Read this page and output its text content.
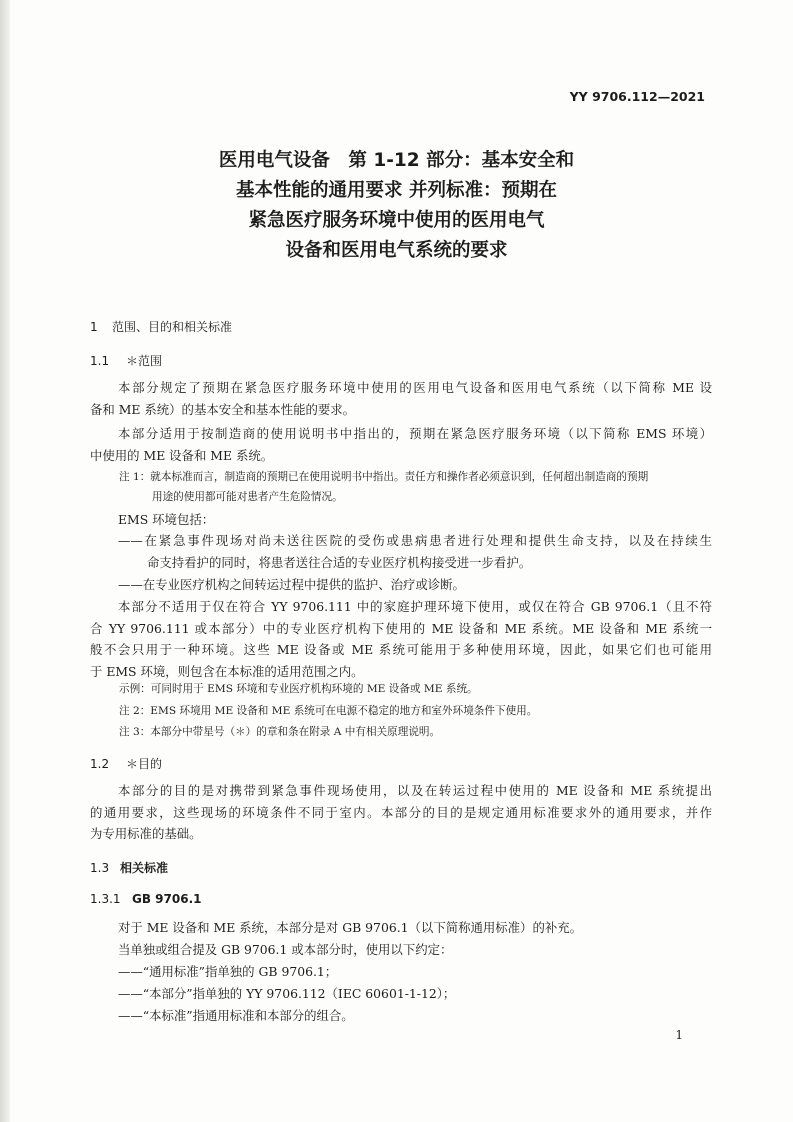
YY 9706.112—2021
医用电气设备　第 1-12 部分：基本安全和
基本性能的通用要求 并列标准：预期在
紧急医疗服务环境中使用的医用电气
设备和医用电气系统的要求
1 范围、目的和相关标准
1.1 ＊范围
本部分规定了预期在紧急医疗服务环境中使用的医用电气设备和医用电气系统（以下简称 ME 设
备和 ME 系统）的基本安全和基本性能的要求。
本部分适用于按制造商的使用说明书中指出的，预期在紧急医疗服务环境（以下简称 EMS 环境）
中使用的 ME 设备和 ME 系统。
注 1：就本标准而言，制造商的预期已在使用说明书中指出。责任方和操作者必须意识到，任何超出制造商的预期
用途的使用都可能对患者产生危险情况。
EMS 环境包括：
——在紧急事件现场对尚未送往医院的受伤或患病患者进行处理和提供生命支持，以及在持续生
命支持看护的同时，将患者送往合适的专业医疗机构接受进一步看护。
——在专业医疗机构之间转运过程中提供的监护、治疗或诊断。
本部分不适用于仅在符合 YY 9706.111 中的家庭护理环境下使用，或仅在符合 GB 9706.1（且不符
合 YY 9706.111 或本部分）中的专业医疗机构下使用的 ME 设备和 ME 系统。ME 设备和 ME 系统一
般不会只用于一种环境。这些 ME 设备或 ME 系统可能用于多种使用环境，因此，如果它们也可能用
于 EMS 环境，则包含在本标准的适用范围之内。
示例：可同时用于 EMS 环境和专业医疗机构环境的 ME 设备或 ME 系统。
注 2：EMS 环境用 ME 设备和 ME 系统可在电源不稳定的地方和室外环境条件下使用。
注 3：本部分中带星号（＊）的章和条在附录 A 中有相关原理说明。
1.2 ＊目的
本部分的目的是对携带到紧急事件现场使用，以及在转运过程中使用的 ME 设备和 ME 系统提出
的通用要求，这些现场的环境条件不同于室内。本部分的目的是规定通用标准要求外的通用要求，并作
为专用标准的基础。
1.3 相关标准
1.3.1 GB 9706.1
对于 ME 设备和 ME 系统，本部分是对 GB 9706.1（以下简称通用标准）的补充。
当单独或组合提及 GB 9706.1 或本部分时，使用以下约定：
——“通用标准”指单独的 GB 9706.1；
——“本部分”指单独的 YY 9706.112（IEC 60601-1-12）；
——“本标准”指通用标准和本部分的组合。
1
